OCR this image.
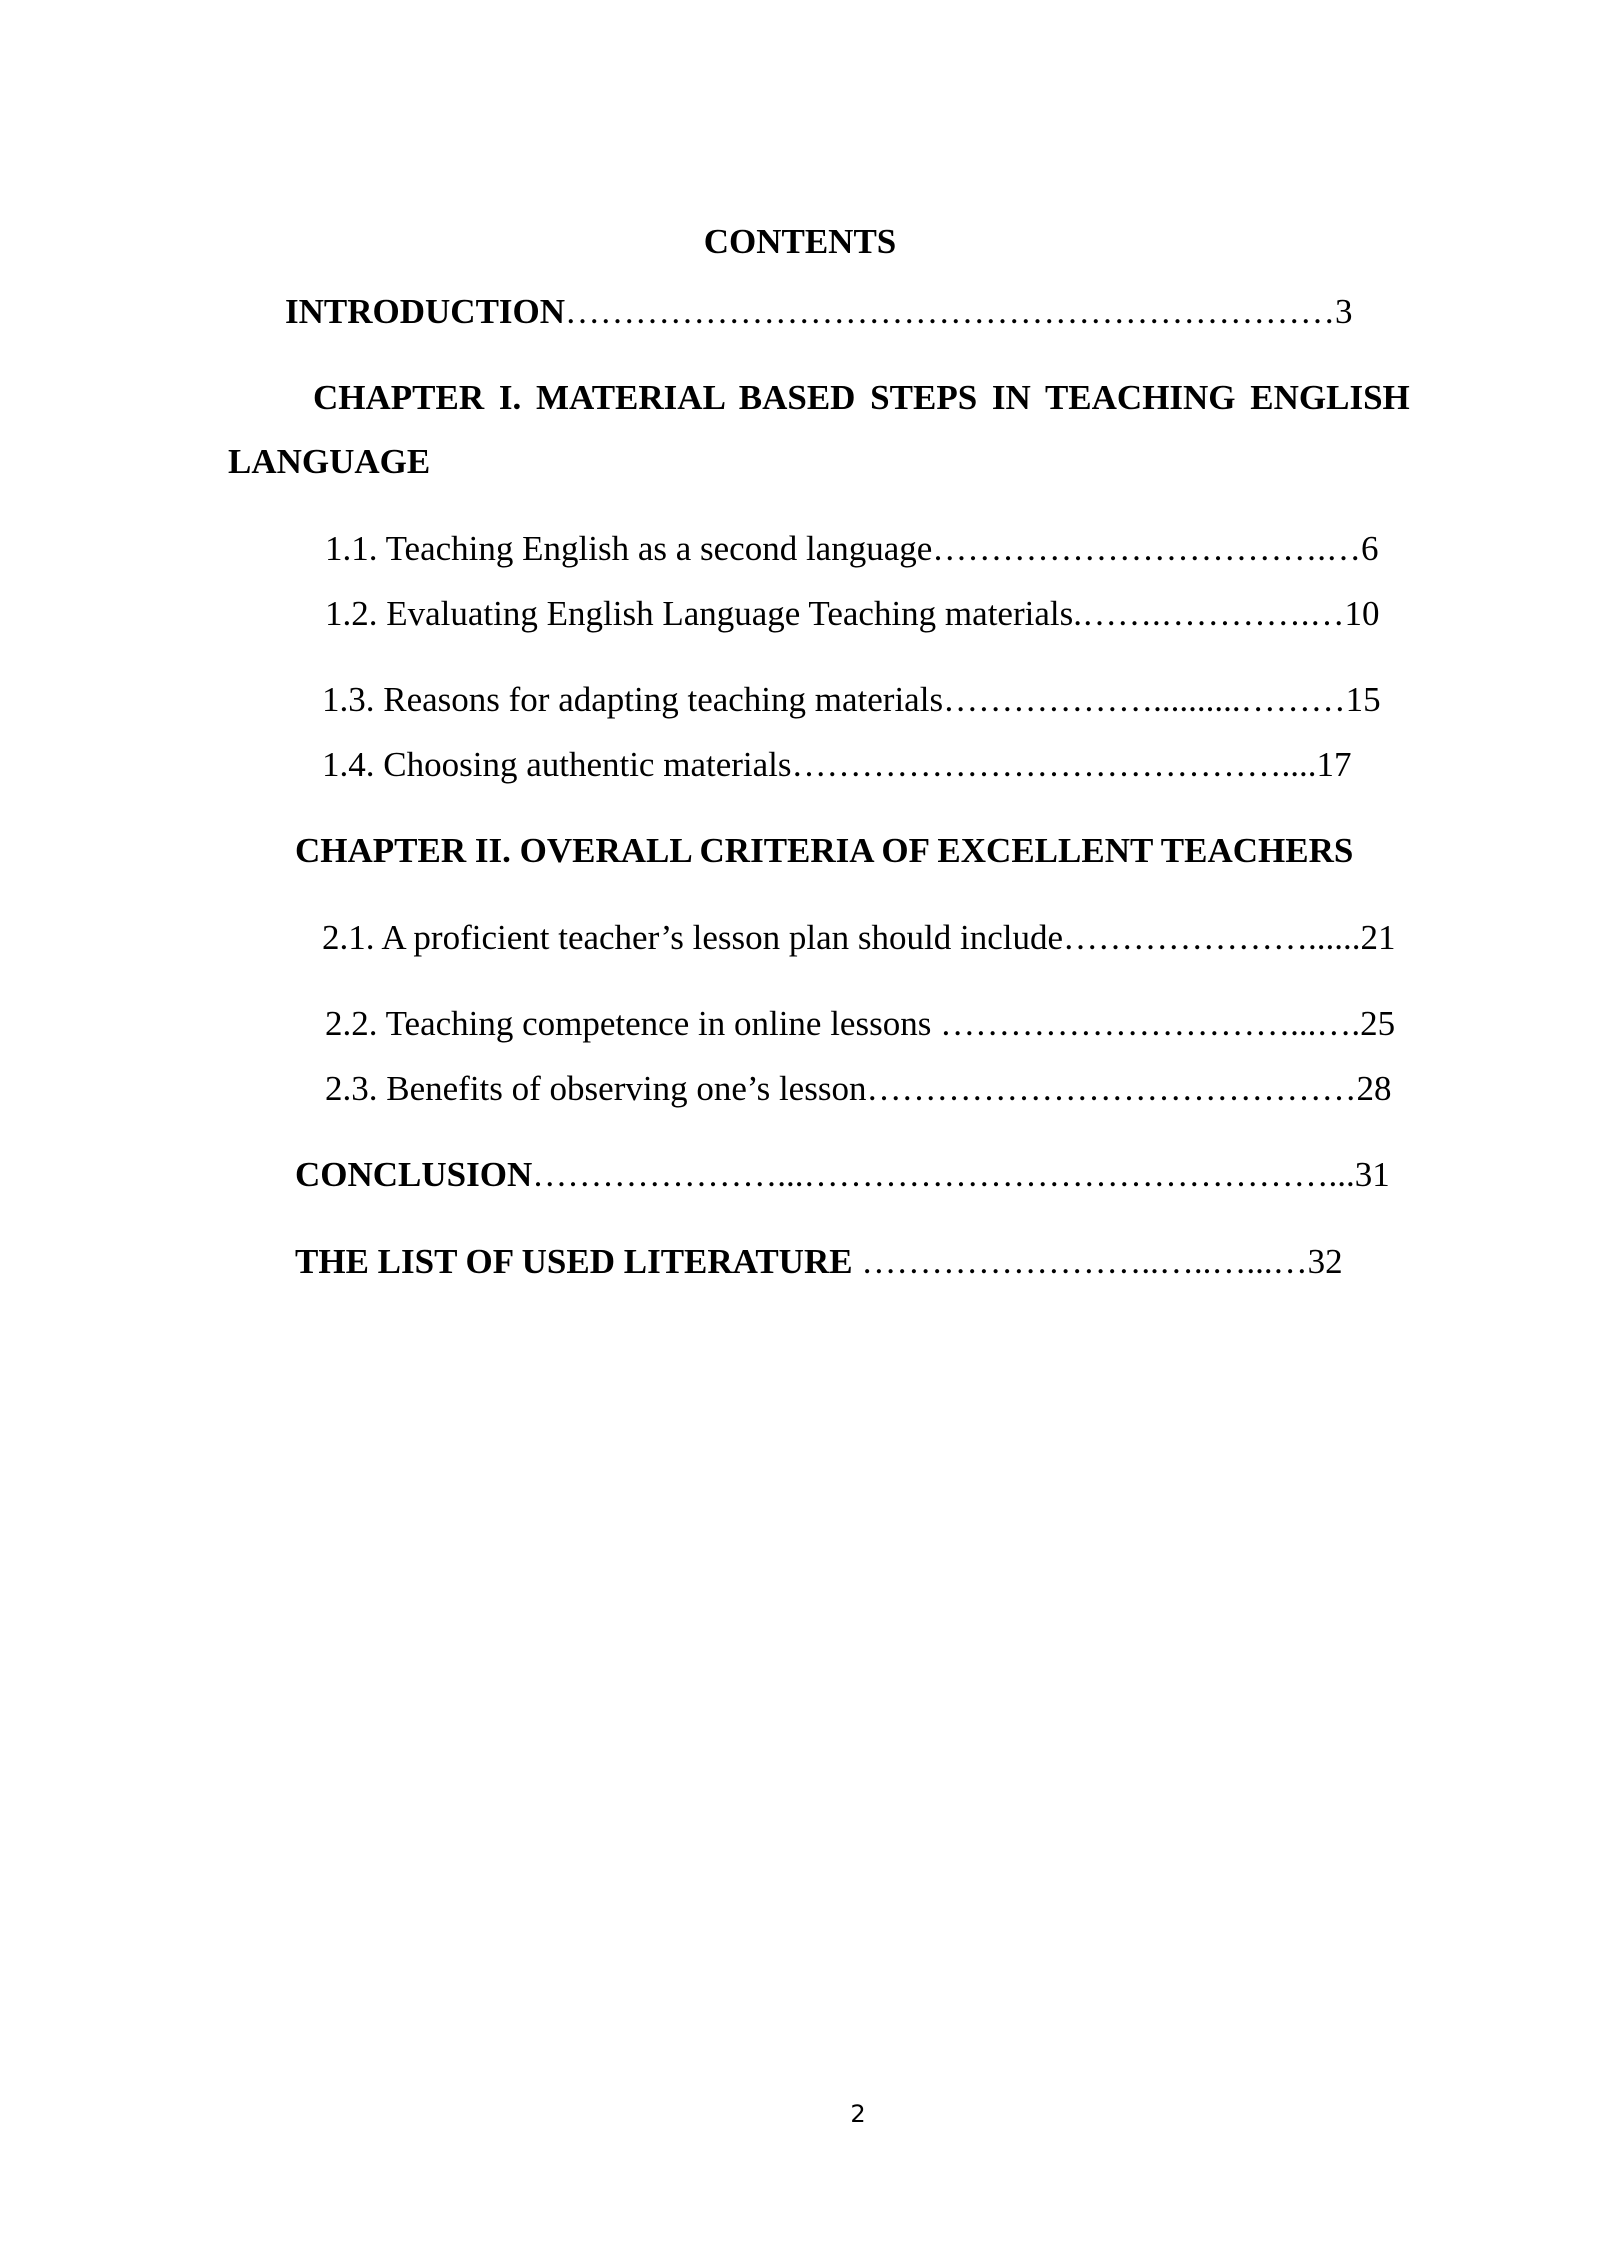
CONTENTS
INTRODUCTION…………………………………………………………3
CHAPTER I. MATERIAL BASED STEPS IN TEACHING ENGLISH
LANGUAGE
1.1. Teaching English as a second language…………………………….…6
1.2. Evaluating English Language Teaching materials.…….………….…10
1.3. Reasons for adapting teaching materials………………..........………15
1.4. Choosing authentic materials……………………………………....17
CHAPTER II. OVERALL CRITERIA OF EXCELLENT TEACHERS
2.1. A proficient teacher’s lesson plan should include…………………......21
2.2. Teaching competence in online lessons …………………………...….25
2.3. Benefits of observing one’s lesson……………………………………28
CONCLUSION…………………...………………………………………...31
THE LIST OF USED LITERATURE ……………………..…..…...…32
2
